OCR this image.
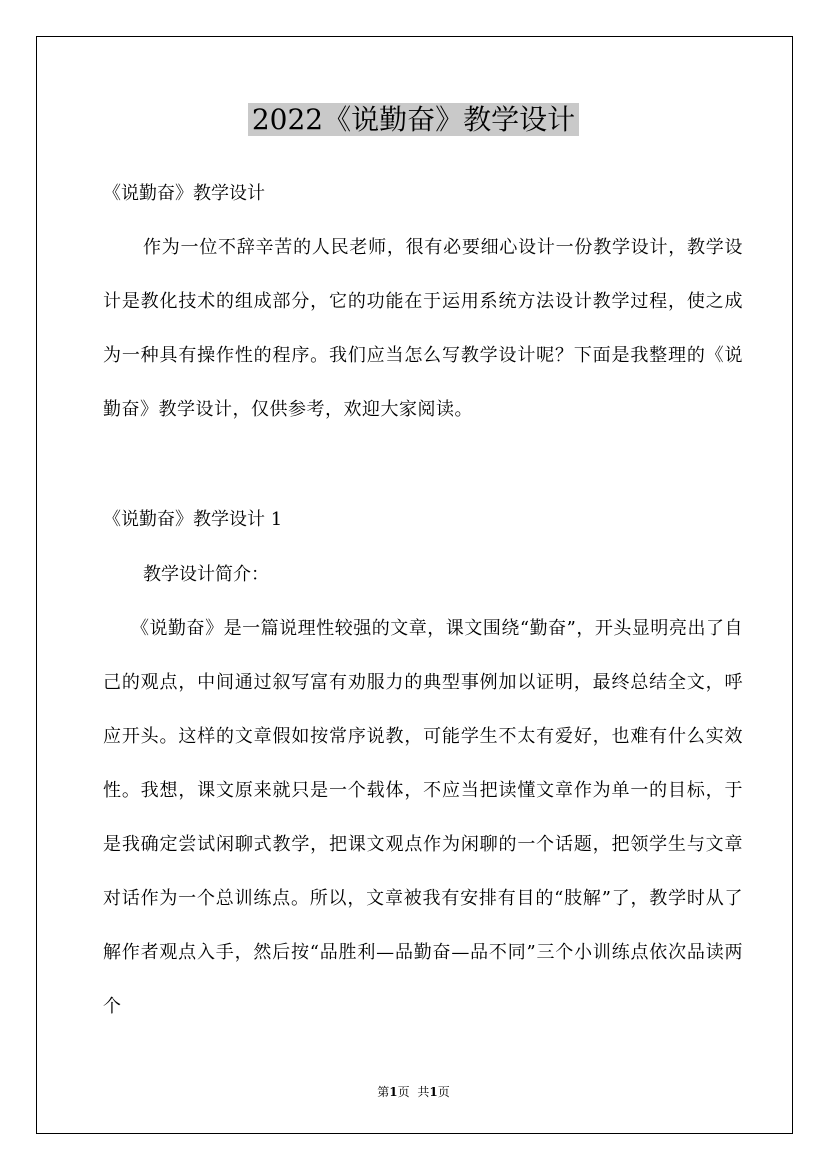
2022《说勤奋》教学设计
《说勤奋》教学设计

作为一位不辞辛苦的人民老师，很有必要细心设计一份教学设计，教学设计是教化技术的组成部分，它的功能在于运用系统方法设计教学过程，使之成为一种具有操作性的程序。我们应当怎么写教学设计呢？下面是我整理的《说勤奋》教学设计，仅供参考，欢迎大家阅读。

《说勤奋》教学设计 1
教学设计简介：

《说勤奋》是一篇说理性较强的文章，课文围绕“勤奋”，开头显明亮出了自己的观点，中间通过叙写富有劝服力的典型事例加以证明，最终总结全文，呼应开头。这样的文章假如按常序说教，可能学生不太有爱好，也难有什么实效性。我想，课文原来就只是一个载体，不应当把读懂文章作为单一的目标，于是我确定尝试闲聊式教学，把课文观点作为闲聊的一个话题，把领学生与文章对话作为一个总训练点。所以，文章被我有安排有目的“肢解”了，教学时从了解作者观点入手，然后按“品胜利—品勤奋—品不同”三个小训练点依次品读两个

第1页 共1页
